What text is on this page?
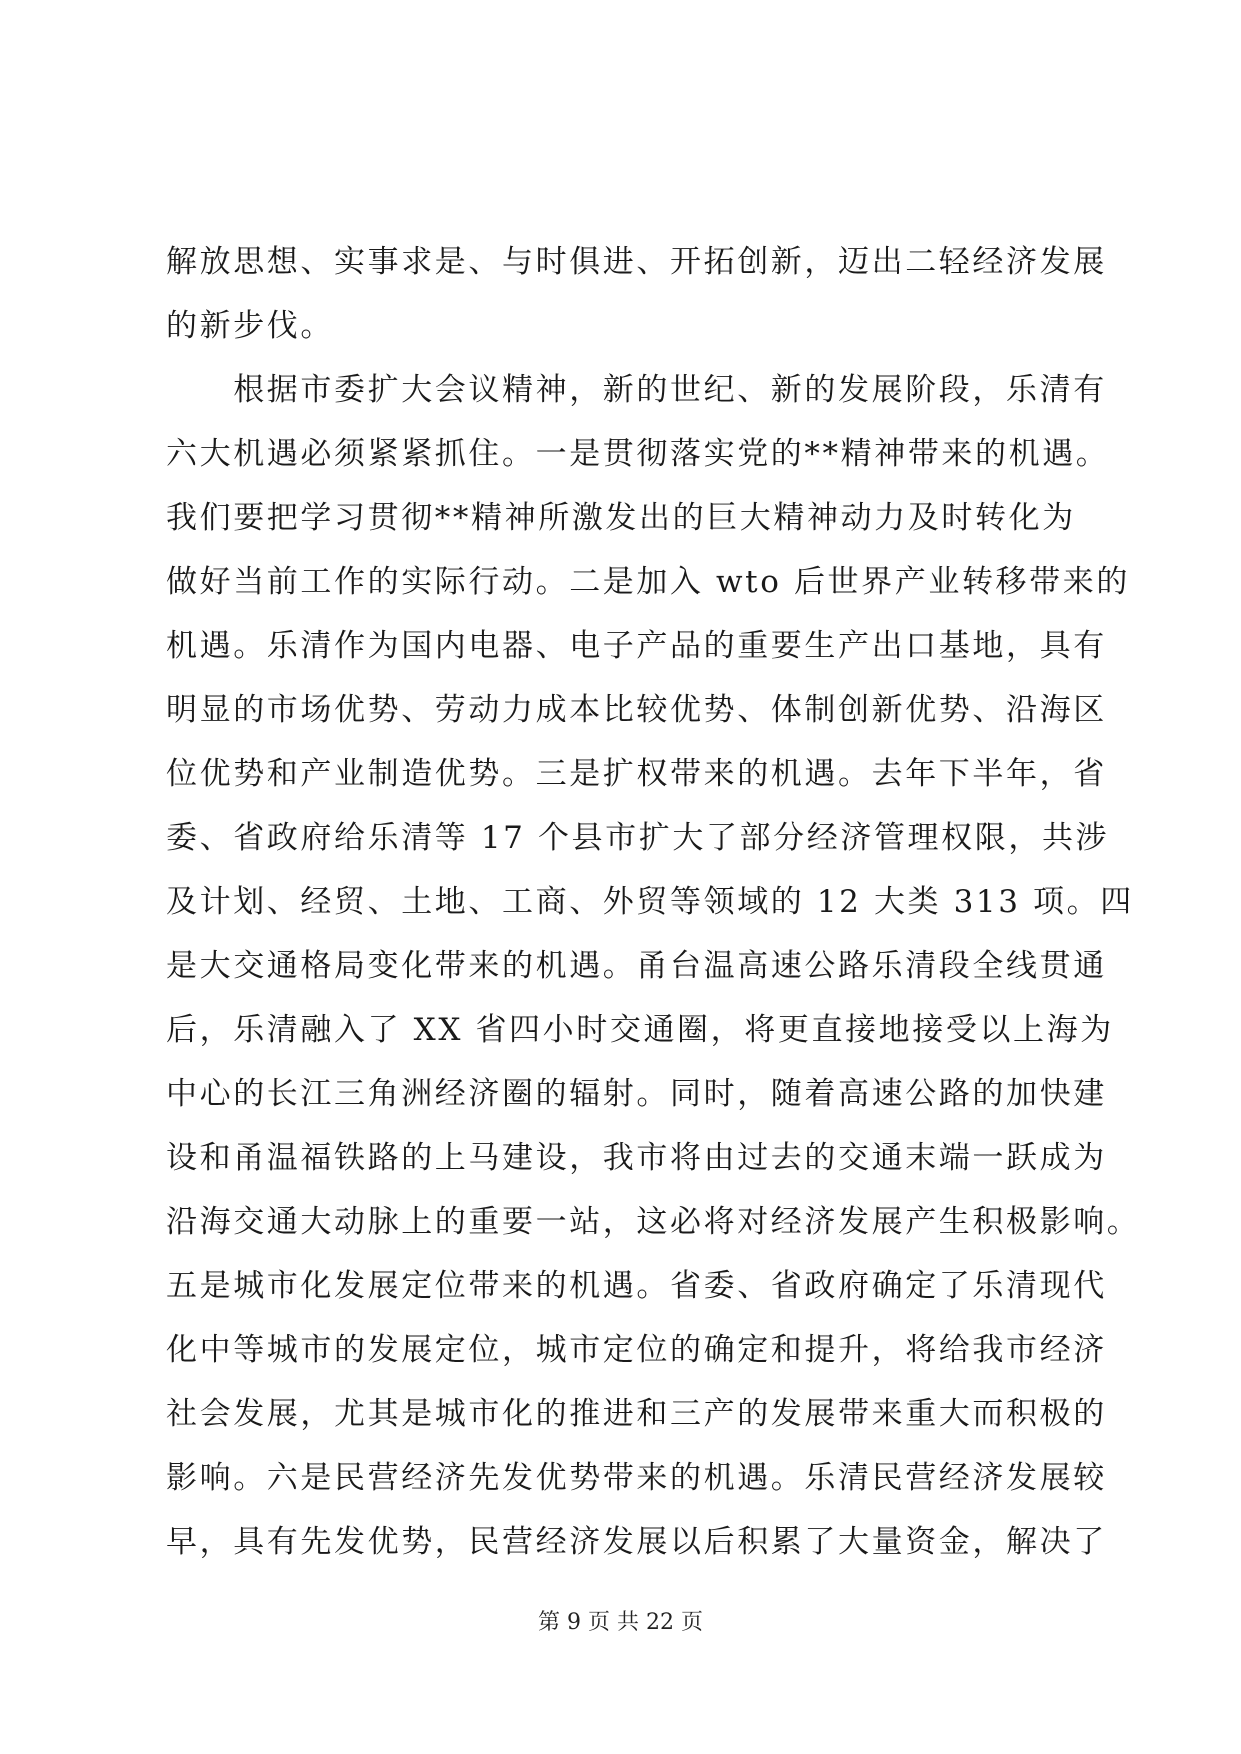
解放思想、实事求是、与时俱进、开拓创新，迈出二轻经济发展
的新步伐。
　　根据市委扩大会议精神，新的世纪、新的发展阶段，乐清有
六大机遇必须紧紧抓住。一是贯彻落实党的**精神带来的机遇。
我们要把学习贯彻**精神所激发出的巨大精神动力及时转化为
做好当前工作的实际行动。二是加入 wto 后世界产业转移带来的
机遇。乐清作为国内电器、电子产品的重要生产出口基地，具有
明显的市场优势、劳动力成本比较优势、体制创新优势、沿海区
位优势和产业制造优势。三是扩权带来的机遇。去年下半年，省
委、省政府给乐清等 17 个县市扩大了部分经济管理权限，共涉
及计划、经贸、土地、工商、外贸等领域的 12 大类 313 项。四
是大交通格局变化带来的机遇。甬台温高速公路乐清段全线贯通
后，乐清融入了 XX 省四小时交通圈，将更直接地接受以上海为
中心的长江三角洲经济圈的辐射。同时，随着高速公路的加快建
设和甬温福铁路的上马建设，我市将由过去的交通末端一跃成为
沿海交通大动脉上的重要一站，这必将对经济发展产生积极影响。
五是城市化发展定位带来的机遇。省委、省政府确定了乐清现代
化中等城市的发展定位，城市定位的确定和提升，将给我市经济
社会发展，尤其是城市化的推进和三产的发展带来重大而积极的
影响。六是民营经济先发优势带来的机遇。乐清民营经济发展较
早，具有先发优势，民营经济发展以后积累了大量资金，解决了
第 9 页 共 22 页
